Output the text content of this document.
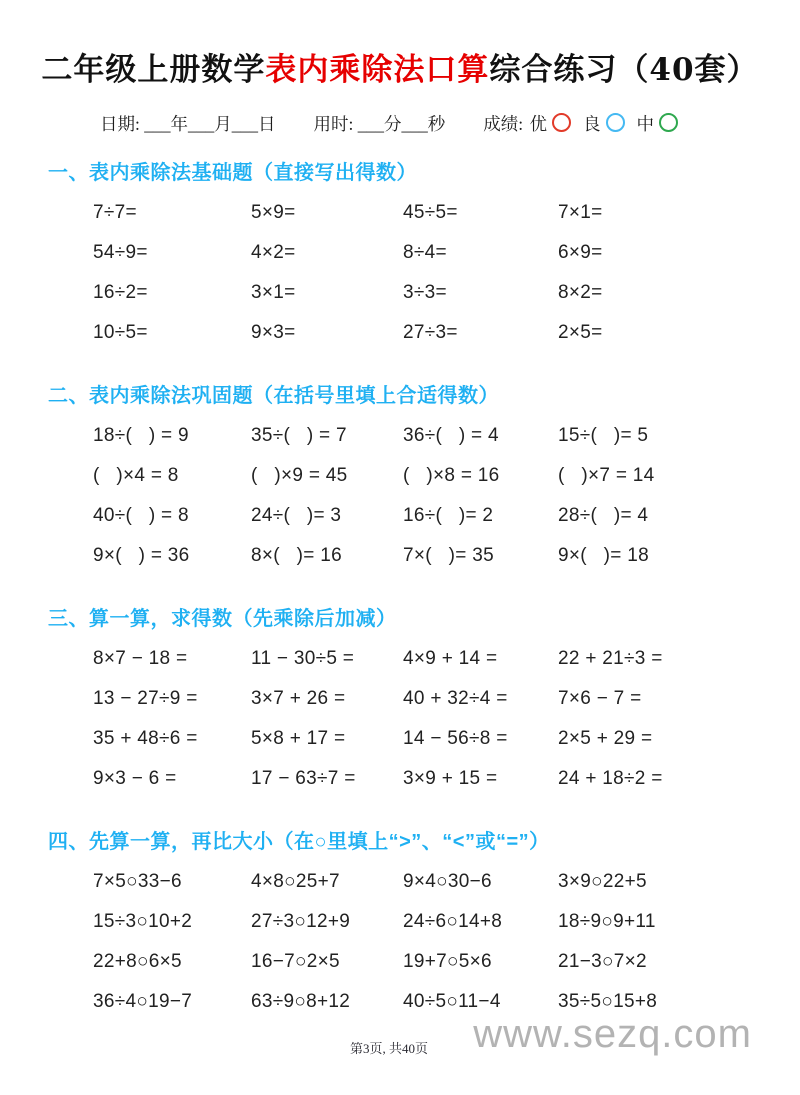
二年级上册数学表内乘除法口算综合练习（40套）
日期: ___年___月___日 用时: ___分___秒 成绩: 优 良 中
一、表内乘除法基础题（直接写出得数）
7÷7=	5×9=	45÷5=	7×1=
54÷9=	4×2=	8÷4=	6×9=
16÷2=	3×1=	3÷3=	8×2=
10÷5=	9×3=	27÷3=	2×5=
二、表内乘除法巩固题（在括号里填上合适得数）
18÷(   ) = 9	35÷(   ) = 7	36÷(   ) = 4	15÷(   )= 5
(   )×4 = 8	(   )×9 = 45	(   )×8 = 16	(   )×7 = 14
40÷(   ) = 8	24÷(   )= 3	16÷(   )= 2	28÷(   )= 4
9×(   ) = 36	8×(   )= 16	7×(   )= 35	9×(   )= 18
三、算一算，求得数（先乘除后加减）
8×7 − 18 =	11 − 30÷5 =	4×9 + 14 =	22 + 21÷3 =
13 − 27÷9 =	3×7 + 26 =	40 + 32÷4 =	7×6 − 7 =
35 + 48÷6 =	5×8 + 17 =	14 − 56÷8 =	2×5 + 29 =
9×3 − 6 =	17 − 63÷7 =	3×9 + 15 =	24 + 18÷2 =
四、先算一算，再比大小（在○里填上“>”、“<”或“=”）
7×5○33−6	4×8○25+7	9×4○30−6	3×9○22+5
15÷3○10+2	27÷3○12+9	24÷6○14+8	18÷9○9+11
22+8○6×5	16−7○2×5	19+7○5×6	21−3○7×2
36÷4○19−7	63÷9○8+12	40÷5○11−4	35÷5○15+8
第3页, 共40页 www.sezq.com
